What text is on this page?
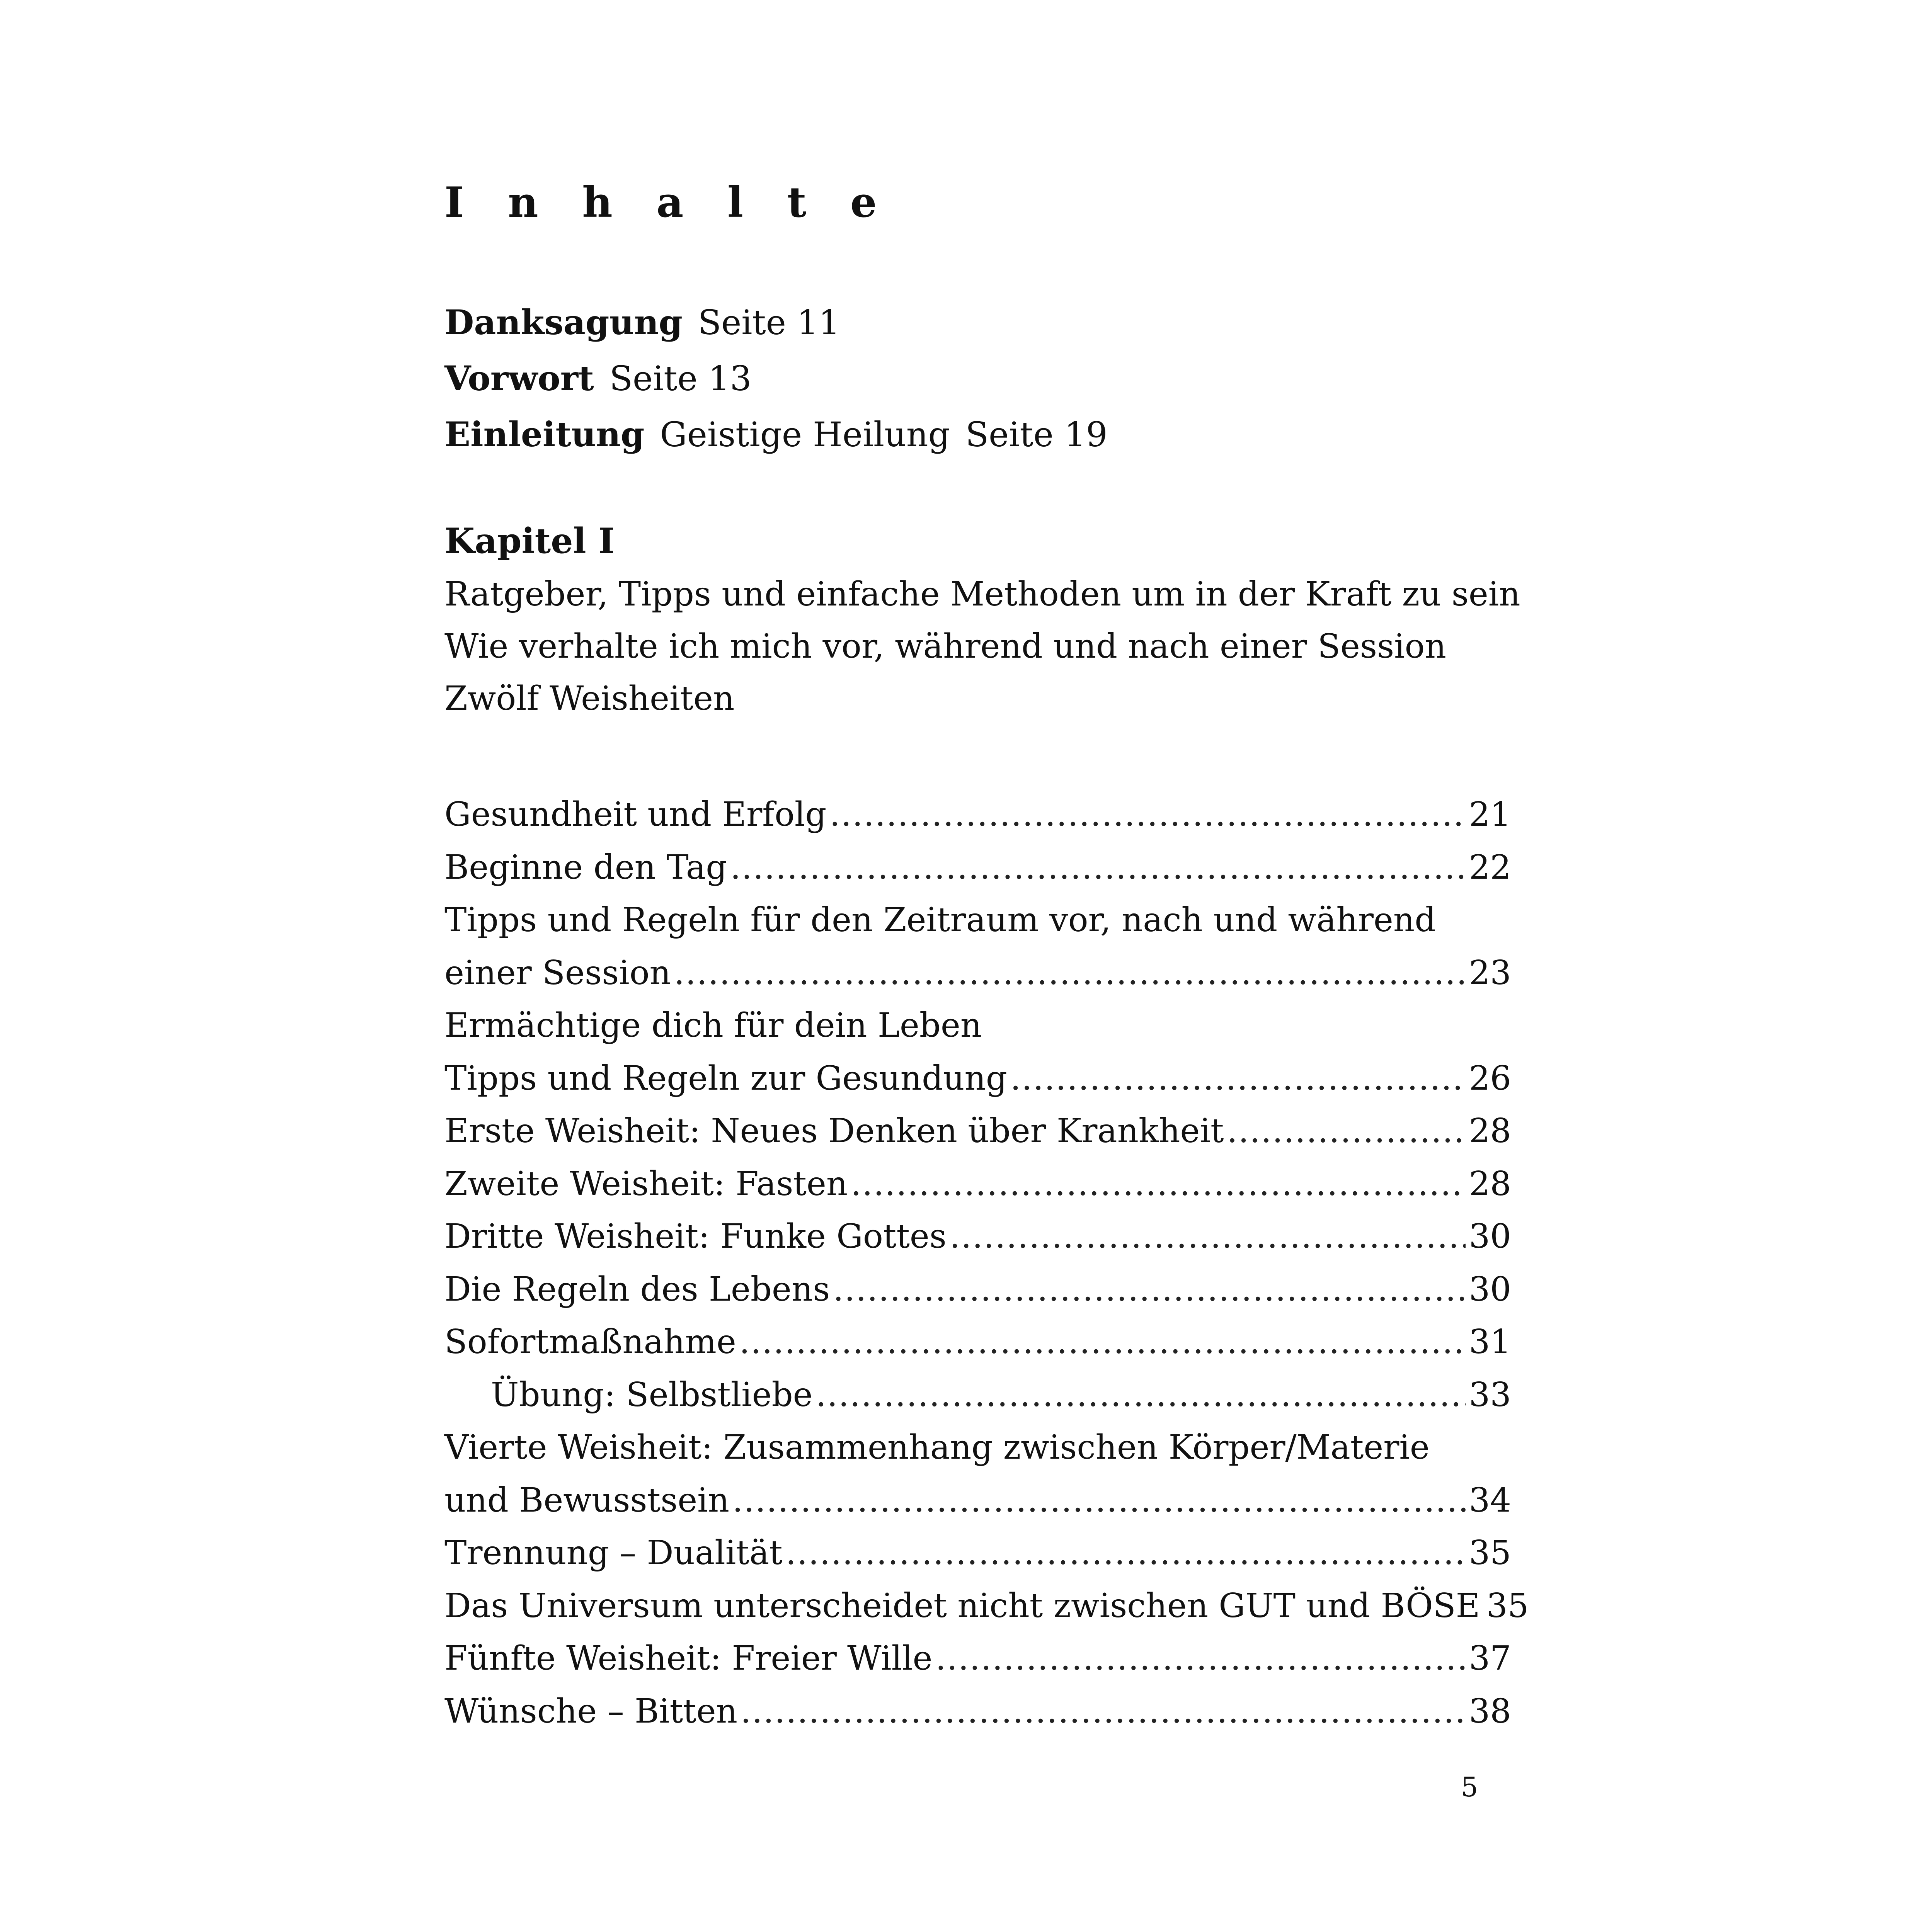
I n h a l t e
Danksagung Seite 11
Vorwort Seite 13
Einleitung Geistige Heilung Seite 19
Kapitel I
Ratgeber, Tipps und einfache Methoden um in der Kraft zu sein
Wie verhalte ich mich vor, während und nach einer Session
Zwölf Weisheiten
Gesundheit und Erfolg .....	21
Beginne den Tag .....	22
Tipps und Regeln für den Zeitraum vor, nach und während
einer Session .....	23
Ermächtige dich für dein Leben
Tipps und Regeln zur Gesundung .....	26
Erste Weisheit: Neues Denken über Krankheit .....	28
Zweite Weisheit: Fasten .....	28
Dritte Weisheit: Funke Gottes .....	30
Die Regeln des Lebens .....	30
Sofortmaßnahme .....	31
Übung: Selbstliebe .....	33
Vierte Weisheit: Zusammenhang zwischen Körper/Materie
und Bewusstsein .....	34
Trennung – Dualität .....	35
Das Universum unterscheidet nicht zwischen GUT und BÖSE 35
Fünfte Weisheit: Freier Wille .....	37
Wünsche – Bitten .....	38
5
